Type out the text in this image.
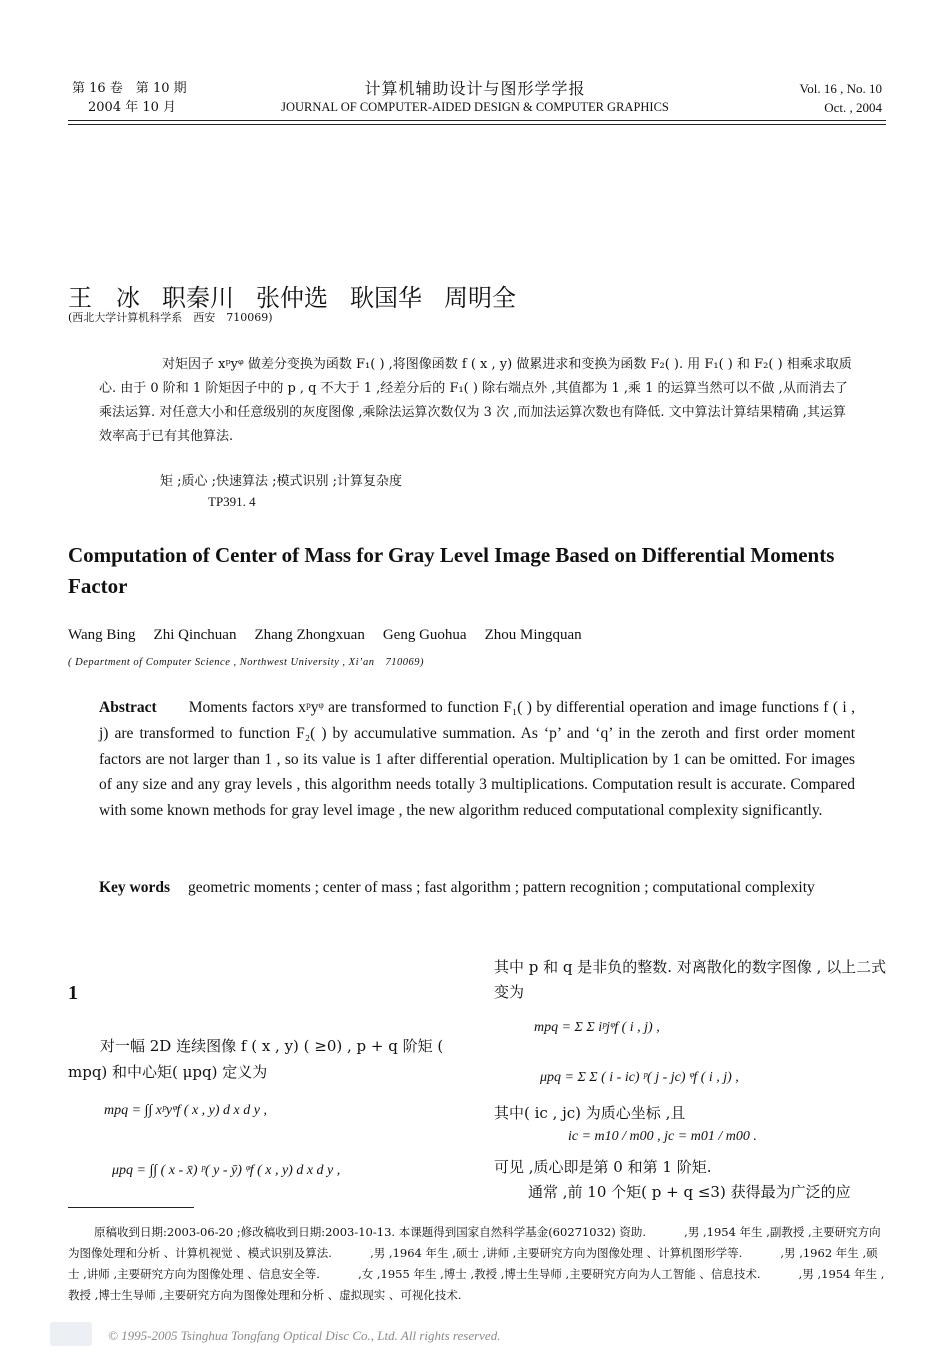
第 16 卷　第 10 期
2004 年 10 月
计算机辅助设计与图形学学报
JOURNAL OF COMPUTER-AIDED DESIGN & COMPUTER GRAPHICS
Vol. 16 , No. 10
Oct. , 2004
王　冰 职秦川 张仲选 耿国华 周明全
(西北大学计算机科学系　西安　710069)
对矩因子 xᵖyᵠ 做差分变换为函数 F₁( ) ,将图像函数 f ( x , y) 做累进求和变换为函数 F₂( ). 用 F₁( ) 和 F₂( ) 相乘求取质心. 由于 0 阶和 1 阶矩因子中的 p , q 不大于 1 ,经差分后的 F₁( ) 除右端点外 ,其值都为 1 ,乘 1 的运算当然可以不做 ,从而消去了乘法运算. 对任意大小和任意级别的灰度图像 ,乘除法运算次数仅为 3 次 ,而加法运算次数也有降低. 文中算法计算结果精确 ,其运算效率高于已有其他算法.
矩 ;质心 ;快速算法 ;模式识别 ;计算复杂度
TP391. 4
Computation of Center of Mass for Gray Level Image Based on Differential Moments Factor
Wang Bing Zhi Qinchuan Zhang Zhongxuan Geng Guohua Zhou Mingquan
( Department of Computer Science , Northwest University , Xi’an　710069)
Abstract Moments factors xᵖyᵠ are transformed to function F₁( ) by differential operation and image functions f ( i , j) are transformed to function F₂( ) by accumulative summation. As ‘p’ and ‘q’ in the zeroth and first order moment factors are not larger than 1 , so its value is 1 after differential operation. Multiplication by 1 can be omitted. For images of any size and any gray levels , this algorithm needs totally 3 multiplications. Computation result is accurate. Compared with some known methods for gray level image , the new algorithm reduced computational complexity significantly.
Key words geometric moments ; center of mass ; fast algorithm ; pattern recognition ; computational complexity
1
对一幅 2D 连续图像 f ( x , y) ( ≥0) , p + q 阶矩 ( mpq) 和中心矩( μpq) 定义为
mpq = ∫∫ xᵖyᵠf ( x , y) d x d y ,
μpq = ∫∫ ( x - x̄) ᵖ( y - ȳ) ᵠf ( x , y) d x d y ,
其中 p 和 q 是非负的整数. 对离散化的数字图像 , 以上二式变为
mpq = Σ Σ iᵖjᵠf ( i , j) ,
μpq = Σ Σ ( i - ic) ᵖ( j - jc) ᵠf ( i , j) ,
其中( ic , jc) 为质心坐标 ,且
ic = m10 / m00 , jc = m01 / m00 .
可见 ,质心即是第 0 和第 1 阶矩.
通常 ,前 10 个矩( p + q ≤3) 获得最为广泛的应
原稿收到日期:2003-06-20 ;修改稿收到日期:2003-10-13. 本课题得到国家自然科学基金(60271032) 资助. 　　　,男 ,1954 年生 ,副教授 ,主要研究方向为图像处理和分析 、计算机视觉 、模式识别及算法. 　　　,男 ,1964 年生 ,硕士 ,讲师 ,主要研究方向为图像处理 、计算机图形学等. 　　　,男 ,1962 年生 ,硕士 ,讲师 ,主要研究方向为图像处理 、信息安全等. 　　　,女 ,1955 年生 ,博士 ,教授 ,博士生导师 ,主要研究方向为人工智能 、信息技术. 　　　,男 ,1954 年生 ,教授 ,博士生导师 ,主要研究方向为图像处理和分析 、虚拟现实 、可视化技术.
© 1995-2005 Tsinghua Tongfang Optical Disc Co., Ltd. All rights reserved.
